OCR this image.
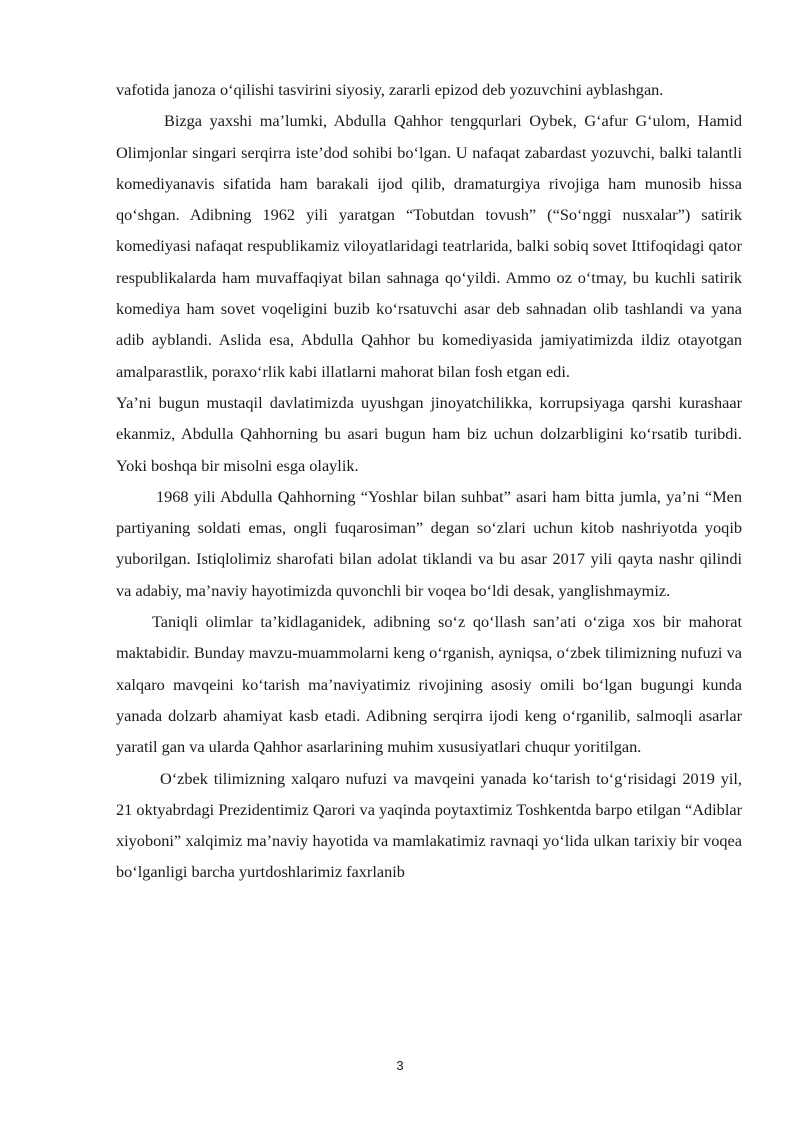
vafotida janoza o‘qilishi tasvirini siyosiy, zararli epizod deb yozuvchini ayblashgan.

Bizga yaxshi ma’lumki, Abdulla Qahhor tengqurlari Oybek, G‘afur G‘ulom, Hamid Olimjonlar singari serqirra iste’dod sohibi bo‘lgan. U nafaqat zabardast yozuvchi, balki talantli komediyanavis sifatida ham barakali ijod qilib, dramaturgiya rivojiga ham munosib hissa qo‘shgan. Adibning 1962 yili yaratgan “Tobutdan tovush” (“So‘nggi nusxalar”) satirik komediyasi nafaqat respublikamiz viloyatlaridagi teatrlarida, balki sobiq sovet Ittifoqidagi qator respublikalarda ham muvaffaqiyat bilan sahnaga qo‘yildi. Ammo oz o‘tmay, bu kuchli satirik komediya ham sovet voqeligini buzib ko‘rsatuvchi asar deb sahnadan olib tashlandi va yana adib ayblandi. Aslida esa, Abdulla Qahhor bu komediyasida jamiyatimizda ildiz otayotgan amalparastlik, poraxo‘rlik kabi illatlarni mahorat bilan fosh etgan edi.

Ya’ni bugun mustaqil davlatimizda uyushgan jinoyatchilikka, korrupsiyaga qarshi kurashaar ekanmiz, Abdulla Qahhorning bu asari bugun ham biz uchun dolzarbligini ko‘rsatib turibdi. Yoki boshqa bir misolni esga olaylik.

1968 yili Abdulla Qahhorning “Yoshlar bilan suhbat” asari ham bitta jumla, ya’ni “Men partiyaning soldati emas, ongli fuqarosiman” degan so‘zlari uchun kitob nashriyotda yoqib yuborilgan. Istiqlolimiz sharofati bilan adolat tiklandi va bu asar 2017 yili qayta nashr qilindi va adabiy, ma’naviy hayotimizda quvonchli bir voqea bo‘ldi desak, yanglishmaymiz.

Taniqli olimlar ta’kidlaganidek, adibning so‘z qo‘llash san’ati o‘ziga xos bir mahorat maktabidir. Bunday mavzu-muammolarni keng o‘rganish, ayniqsa, o‘zbek tilimizning nufuzi va xalqaro mavqeini ko‘tarish ma’naviyatimiz rivojining asosiy omili bo‘lgan bugungi kunda yanada dolzarb ahamiyat kasb etadi. Adibning serqirra ijodi keng o‘rganilib, salmoqli asarlar yaratil gan va ularda Qahhor asarlarining muhim xususiyatlari chuqur yoritilgan.

O‘zbek tilimizning xalqaro nufuzi va mavqeini yanada ko‘tarish to‘g‘risidagi 2019 yil, 21 oktyabrdagi Prezidentimiz Qarori va yaqinda poytaxtimiz Toshkentda barpo etilgan “Adiblar xiyoboni” xalqimiz ma’naviy hayotida va mamlakatimiz ravnaqi yo‘lida ulkan tarixiy bir voqea bo‘lganligi barcha yurtdoshlarimiz faxrlanib

3
